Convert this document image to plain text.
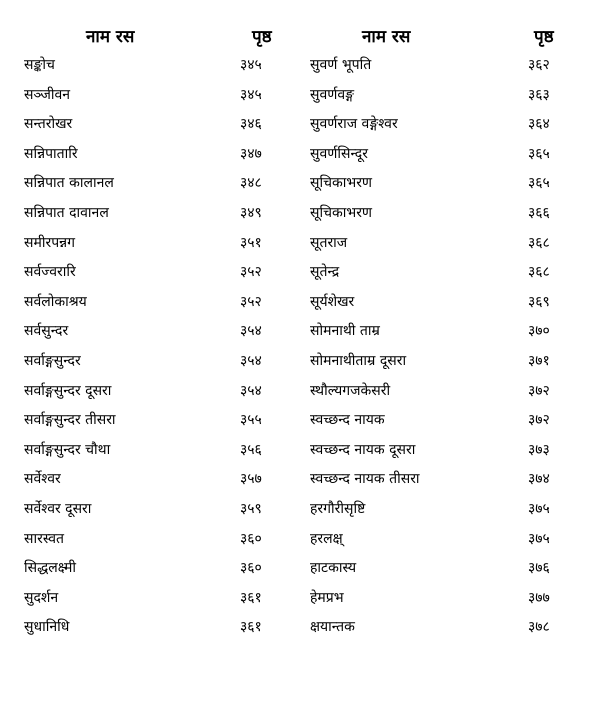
नाम रस	पृष्ठ	नाम रस	पृष्ठ
सङ्कोच	३४५	सुवर्ण भूपति	३६२
सञ्जीवन	३४५	सुवर्णवङ्ग	३६३
सन्तरोखर	३४६	सुवर्णराज वङ्गेश्वर	३६४
सन्निपातारि	३४७	सुवर्णसिन्दूर	३६५
सन्निपात कालानल	३४८	सूचिकाभरण	३६५
सन्निपात दावानल	३४९	सूचिकाभरण	३६६
समीरपन्नग	३५१	सूतराज	३६८
सर्वज्वरारि	३५२	सूतेन्द्र	३६८
सर्वलोकाश्रय	३५२	सूर्यशेखर	३६९
सर्वसुन्दर	३५४	सोमनाथी ताम्र	३७०
सर्वाङ्गसुन्दर	३५४	सोमनाथीताम्र दूसरा	३७१
सर्वाङ्गसुन्दर दूसरा	३५४	स्थौल्यगजकेसरी	३७२
सर्वाङ्गसुन्दर तीसरा	३५५	स्वच्छन्द नायक	३७२
सर्वाङ्गसुन्दर चौथा	३५६	स्वच्छन्द नायक दूसरा	३७३
सर्वेश्वर	३५७	स्वच्छन्द नायक तीसरा	३७४
सर्वेश्वर दूसरा	३५९	हरगौरीसृष्टि	३७५
सारस्वत	३६०	हरलक्ष्	३७५
सिद्धलक्ष्मी	३६०	हाटकास्य	३७६
सुदर्शन	३६१	हेमप्रभ	३७७
सुधानिधि	३६१	क्षयान्तक	३७८
